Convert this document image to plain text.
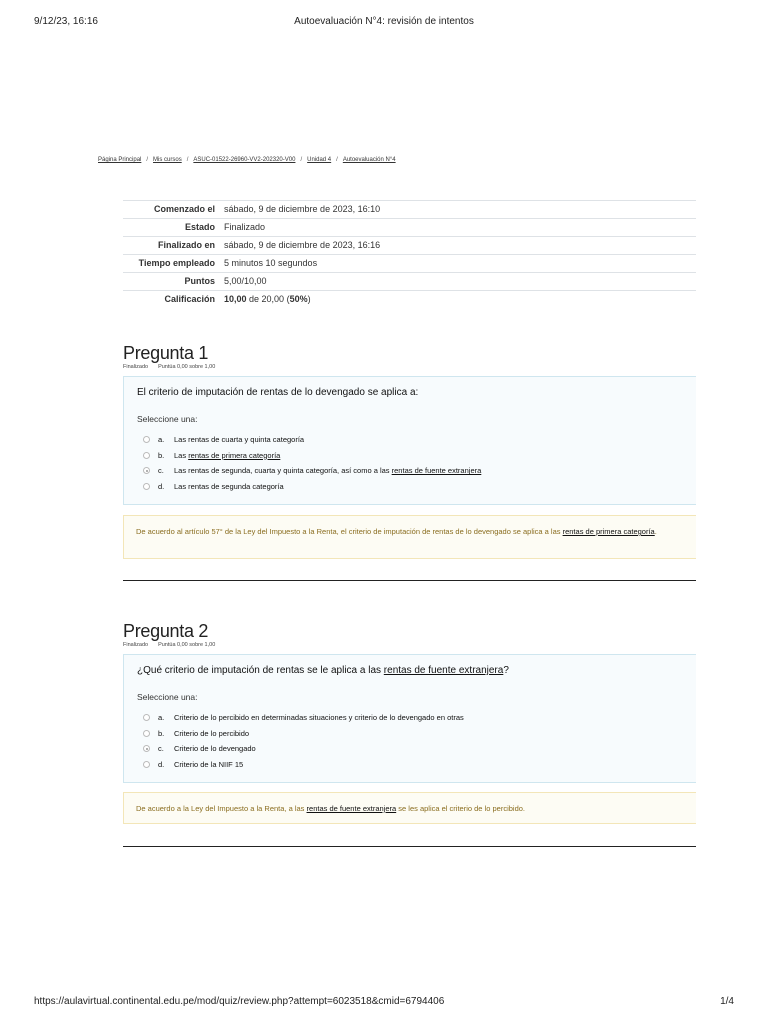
9/12/23, 16:16	Autoevaluación N°4: revisión de intentos
Página Principal / Mis cursos / ASUC-01522-26960-VV2-202320-V00 / Unidad 4 / Autoevaluación N°4
Comenzado el	sábado, 9 de diciembre de 2023, 16:10
Estado	Finalizado
Finalizado en	sábado, 9 de diciembre de 2023, 16:16
Tiempo empleado	5 minutos 10 segundos
Puntos	5,00/10,00
Calificación	10,00 de 20,00 (50%)
Pregunta 1
Finalizado Puntúa 0,00 sobre 1,00
El criterio de imputación de rentas de lo devengado se aplica a:
Seleccione una:
a.	Las rentas de cuarta y quinta categoría
b.	Las rentas de primera categoría
c.	Las rentas de segunda, cuarta y quinta categoría, así como a las rentas de fuente extranjera
d.	Las rentas de segunda categoría
De acuerdo al artículo 57° de la Ley del Impuesto a la Renta, el criterio de imputación de rentas de lo devengado se aplica a las rentas de primera categoría.
Pregunta 2
Finalizado Puntúa 0,00 sobre 1,00
¿Qué criterio de imputación de rentas se le aplica a las rentas de fuente extranjera?
Seleccione una:
a.	Criterio de lo percibido en determinadas situaciones y criterio de lo devengado en otras
b.	Criterio de lo percibido
c.	Criterio de lo devengado
d.	Criterio de la NIIF 15
De acuerdo a la Ley del Impuesto a la Renta, a las rentas de fuente extranjera se les aplica el criterio de lo percibido.
https://aulavirtual.continental.edu.pe/mod/quiz/review.php?attempt=6023518&cmid=6794406	1/4
